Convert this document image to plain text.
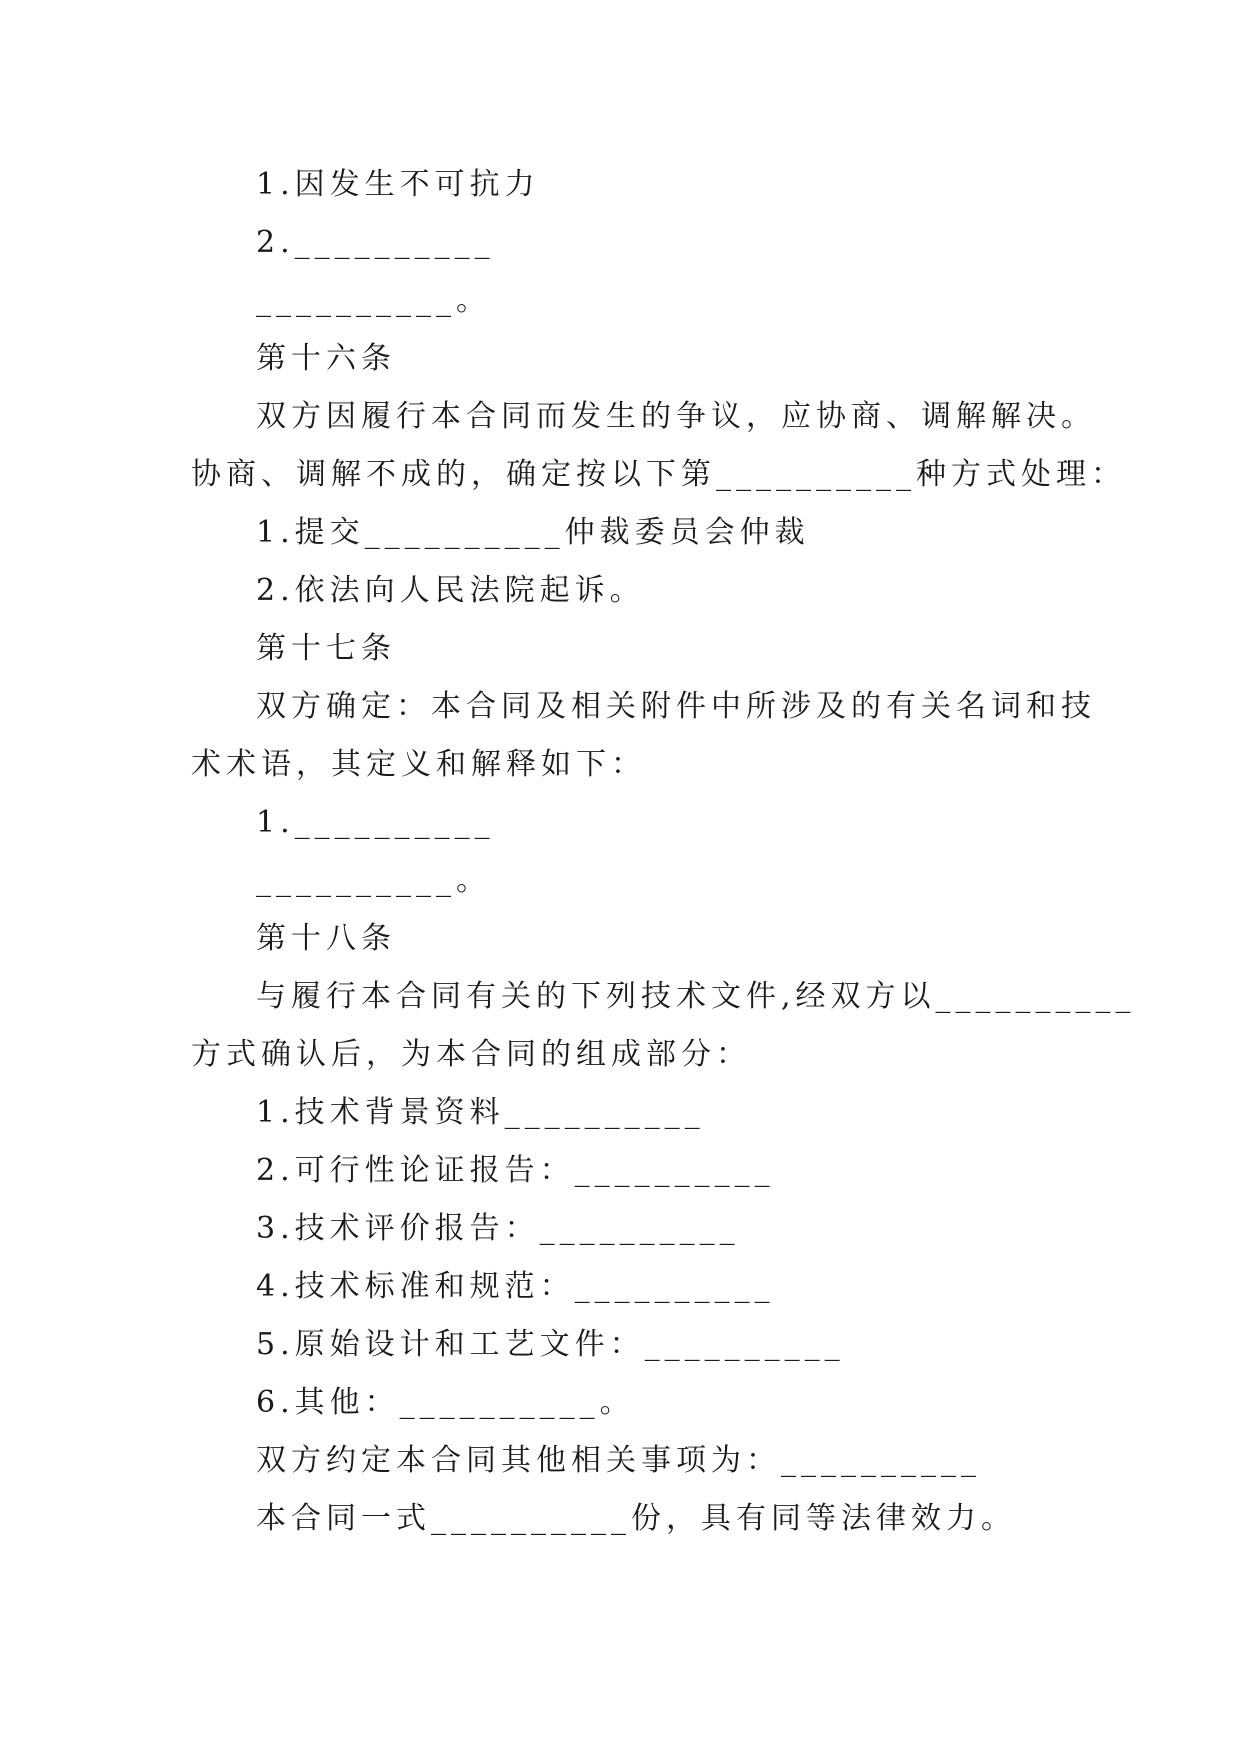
1.因发生不可抗力
2.__________
__________。
第十六条
双方因履行本合同而发生的争议，应协商、调解解决。
协商、调解不成的，确定按以下第__________种方式处理：
1.提交__________仲裁委员会仲裁
2.依法向人民法院起诉。
第十七条
双方确定：本合同及相关附件中所涉及的有关名词和技
术术语，其定义和解释如下：
1.__________
__________。
第十八条
与履行本合同有关的下列技术文件,经双方以__________
方式确认后，为本合同的组成部分：
1.技术背景资料__________
2.可行性论证报告：__________
3.技术评价报告：__________
4.技术标准和规范：__________
5.原始设计和工艺文件：__________
6.其他：__________。
双方约定本合同其他相关事项为：__________
本合同一式__________份，具有同等法律效力。
